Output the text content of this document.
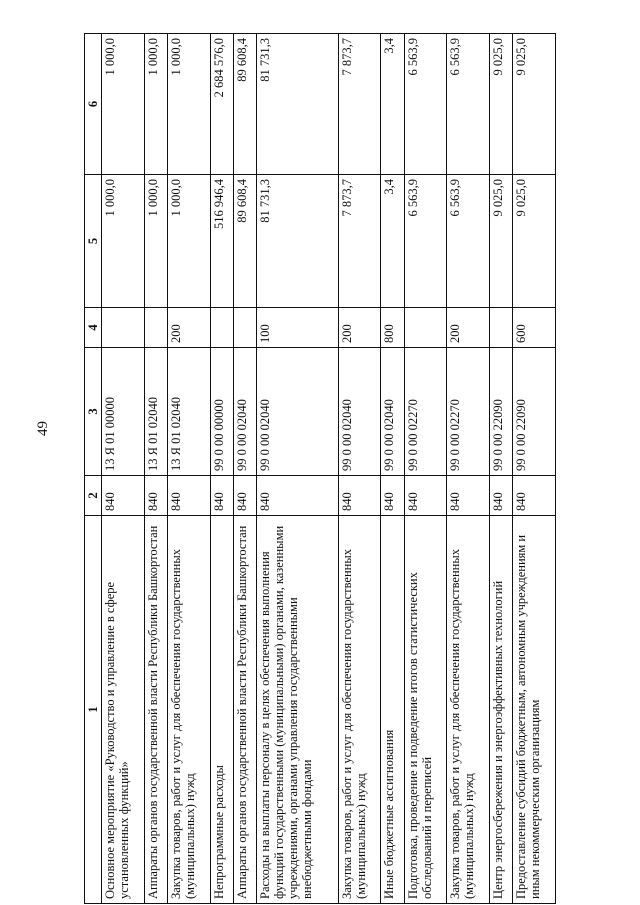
49
1	2	3	4	5	6
Основное мероприятие «Руководство и управление в сфере установленных функций»	840	13 Я 01 00000		1 000,0	1 000,0
Аппараты органов государственной власти Республики Башкортостан	840	13 Я 01 02040		1 000,0	1 000,0
Закупка товаров, работ и услуг для обеспечения государственных (муниципальных) нужд	840	13 Я 01 02040	200	1 000,0	1 000,0
Непрограммные расходы	840	99 0 00 00000		516 946,4	2 684 576,0
Аппараты органов государственной власти Республики Башкортостан	840	99 0 00 02040		89 608,4	89 608,4
Расходы на выплаты персоналу в целях обеспечения выполнения функций государственными (муниципальными) органами, казенными учреждениями, органами управления государственными внебюджетными фондами	840	99 0 00 02040	100	81 731,3	81 731,3
Закупка товаров, работ и услуг для обеспечения государственных (муниципальных) нужд	840	99 0 00 02040	200	7 873,7	7 873,7
Иные бюджетные ассигнования	840	99 0 00 02040	800	3,4	3,4
Подготовка, проведение и подведение итогов статистических обследований и переписей	840	99 0 00 02270		6 563,9	6 563,9
Закупка товаров, работ и услуг для обеспечения государственных (муниципальных) нужд	840	99 0 00 02270	200	6 563,9	6 563,9
Центр энергосбережения и энергоэффективных технологий	840	99 0 00 22090		9 025,0	9 025,0
Предоставление субсидий бюджетным, автономным учреждениям и иным некоммерческим организациям	840	99 0 00 22090	600	9 025,0	9 025,0
